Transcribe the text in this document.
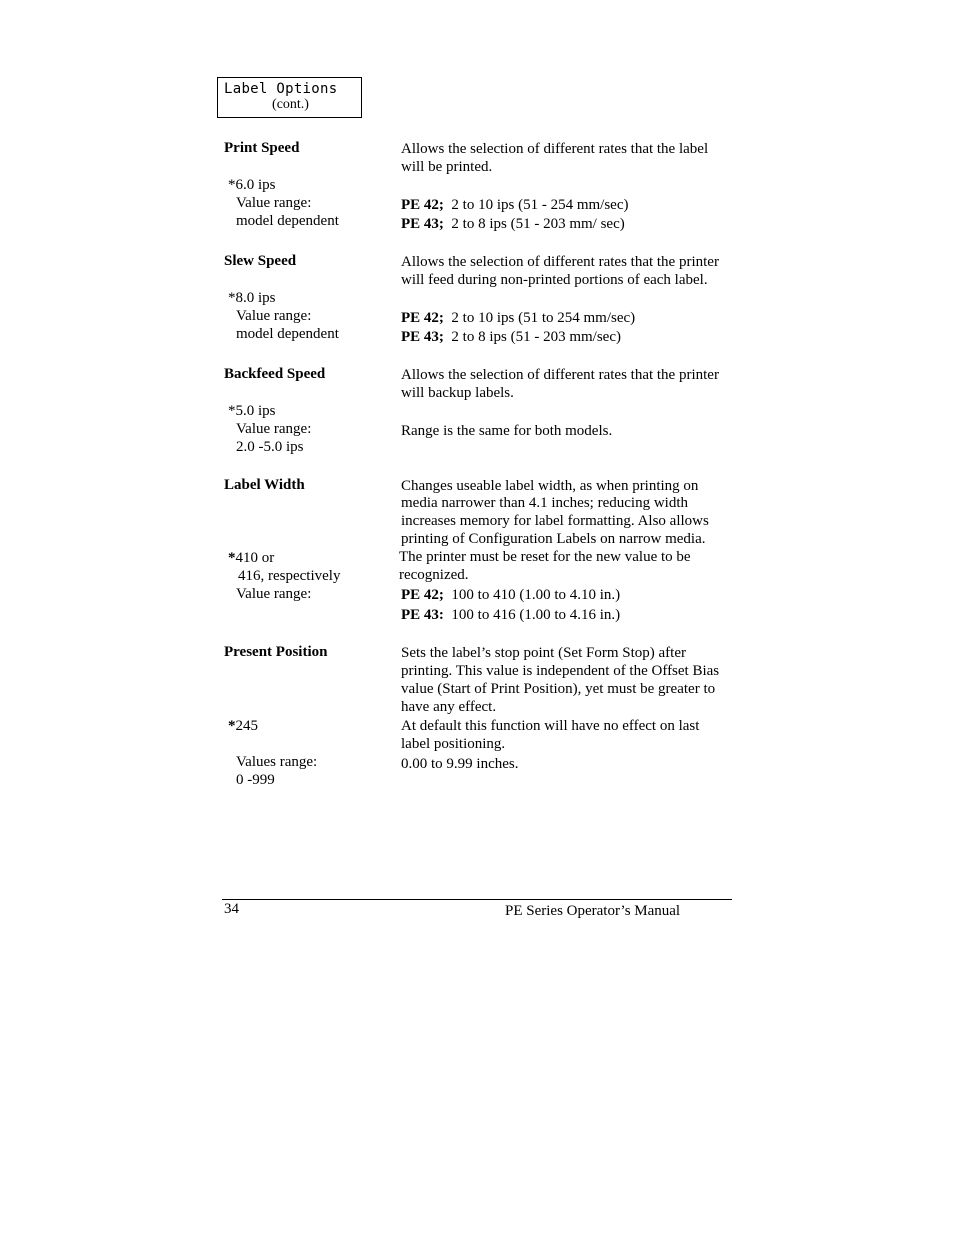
Label Options
(cont.)
Print Speed
*6.0 ips
Value range:
model dependent
Allows the selection of different rates that the label
will be printed.
PE 42; 2 to 10 ips (51 - 254 mm/sec)
PE 43; 2 to 8 ips (51 - 203 mm/ sec)
Slew Speed
*8.0 ips
Value range:
model dependent
Allows the selection of different rates that the printer
will feed during non-printed portions of each label.
PE 42; 2 to 10 ips (51 to 254 mm/sec)
PE 43; 2 to 8 ips (51 - 203 mm/sec)
Backfeed Speed
*5.0 ips
Value range:
2.0 -5.0 ips
Allows the selection of different rates that the printer
will backup labels.
Range is the same for both models.
Label Width
*410 or
416, respectively
Value range:
Changes useable label width, as when printing on
media narrower than 4.1 inches; reducing width
increases memory for label formatting. Also allows
printing of Configuration Labels on narrow media.
The printer must be reset for the new value to be
recognized.
PE 42; 100 to 410 (1.00 to 4.10 in.)
PE 43: 100 to 416 (1.00 to 4.16 in.)
Present Position
*245
Values range:
0 -999
Sets the label’s stop point (Set Form Stop) after
printing. This value is independent of the Offset Bias
value (Start of Print Position), yet must be greater to
have any effect.
At default this function will have no effect on last
label positioning.
0.00 to 9.99 inches.
34	PE Series Operator’s Manual
